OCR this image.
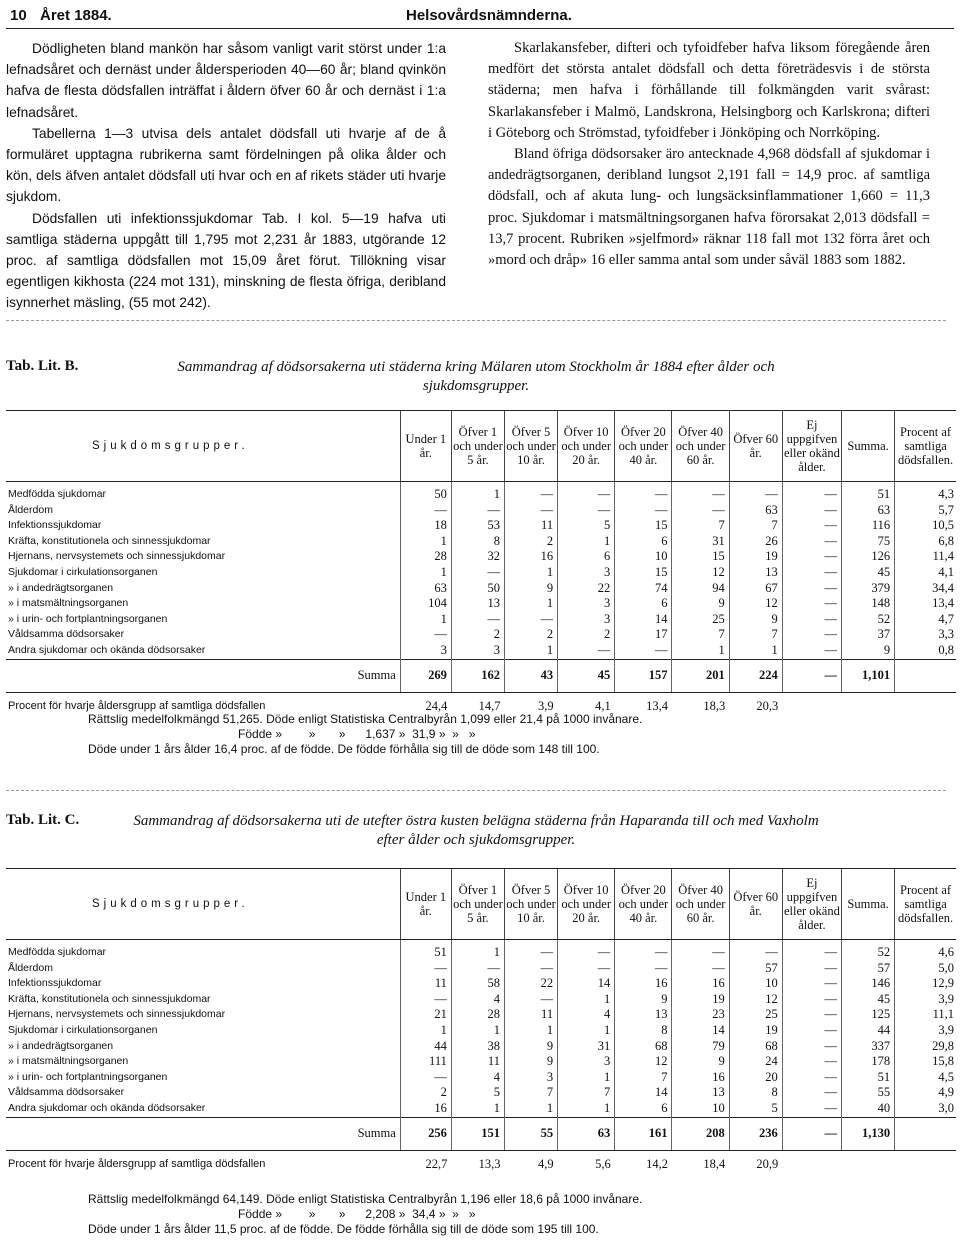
10 Året 1884.	Helsovårdsnämnderna.

Dödligheten bland mankön har såsom vanligt varit störst under 1:a lefnadsåret och dernäst under åldersperioden 40—60 år; bland qvinkön hafva de flesta dödsfallen inträffat i åldern öfver 60 år och dernäst i 1:a lefnadsåret.

Tabellerna 1—3 utvisa dels antalet dödsfall uti hvarje af de å formuläret upptagna rubrikerna samt fördelningen på olika ålder och kön, dels äfven antalet dödsfall uti hvar och en af rikets städer uti hvarje sjukdom.

Dödsfallen uti infektionssjukdomar Tab. I kol. 5—19 hafva uti samtliga städerna uppgått till 1,795 mot 2,231 år 1883, utgörande 12 proc. af samtliga dödsfallen mot 15,09 året förut. Tillökning visar egentligen kikhosta (224 mot 131), minskning de flesta öfriga, deribland isynnerhet mäsling, (55 mot 242).

Skarlakansfeber, difteri och tyfoidfeber hafva liksom föregående åren medfört det största antalet dödsfall och detta företrädesvis i de största städerna; men hafva i förhållande till folkmängden varit svårast: Skarlakansfeber i Malmö, Landskrona, Helsingborg och Karlskrona; difteri i Göteborg och Strömstad, tyfoidfeber i Jönköping och Norrköping.

Bland öfriga dödsorsaker äro antecknade 4,968 dödsfall af sjukdomar i andedrägtsorganen, deribland lungsot 2,191 fall = 14,9 proc. af samtliga dödsfall, och af akuta lung- och lungsäcksinflammationer 1,660 = 11,3 proc. Sjukdomar i matsmältningsorganen hafva förorsakat 2,013 dödsfall = 13,7 procent. Rubriken »sjelfmord» räknar 118 fall mot 132 förra året och »mord och dråp» 16 eller samma antal som under såväl 1883 som 1882.

Tab. Lit. B.	Sammandrag af dödsorsakerna uti städerna kring Mälaren utom Stockholm år 1884 efter ålder och sjukdomsgrupper.
Sjukdomsgrupper.	Under 1 år.	Öfver 1 och under 5 år.	Öfver 5 och under 10 år.	Öfver 10 och under 20 år.	Öfver 20 och under 40 år.	Öfver 40 och under 60 år.	Öfver 60 år.	Ej uppgifven eller okänd ålder.	Summa.	Procent af samtliga dödsfallen.
Medfödda sjukdomar	50	1	—	—	—	—	—	—	51	4,3
Ålderdom	—	—	—	—	—	—	63	—	63	5,7
Infektionssjukdomar	18	53	11	5	15	7	7	—	116	10,5
Kräfta, konstitutionela och sinnessjukdomar	1	8	2	1	6	31	26	—	75	6,8
Hjernans, nervsystemets och sinnessjukdomar	28	32	16	6	10	15	19	—	126	11,4
Sjukdomar i cirkulationsorganen	1	—	1	3	15	12	13	—	45	4,1
» i andedrägtsorganen	63	50	9	22	74	94	67	—	379	34,4
» i matsmältningsorganen	104	13	1	3	6	9	12	—	148	13,4
» i urin- och fortplantningsorganen	1	—	—	3	14	25	9	—	52	4,7
Våldsamma dödsorsaker	—	2	2	2	17	7	7	—	37	3,3
Andra sjukdomar och okända dödsorsaker	3	3	1	—	—	1	1	—	9	0,8
Summa	269	162	43	45	157	201	224	—	1,101	
Procent för hvarje åldersgrupp af samtliga dödsfallen	24,4	14,7	3,9	4,1	13,4	18,3	20,3			
Rättslig medelfolkmängd 51,265. Döde enligt Statistiska Centralbyrån 1,099 eller 21,4 på 1000 invånare.
Födde »        »       »      1,637 »  31,9 »  »   »
Döde under 1 års ålder 16,4 proc. af de födde. De födde förhålla sig till de döde som 148 till 100.
Tab. Lit. C.	Sammandrag af dödsorsakerna uti de utefter östra kusten belägna städerna från Haparanda till och med Vaxholm efter ålder och sjukdomsgrupper.
Sjukdomsgrupper.	Under 1 år.	Öfver 1 och under 5 år.	Öfver 5 och under 10 år.	Öfver 10 och under 20 år.	Öfver 20 och under 40 år.	Öfver 40 och under 60 år.	Öfver 60 år.	Ej uppgifven eller okänd ålder.	Summa.	Procent af samtliga dödsfallen.
Medfödda sjukdomar	51	1	—	—	—	—	—	—	52	4,6
Ålderdom	—	—	—	—	—	—	57	—	57	5,0
Infektionssjukdomar	11	58	22	14	16	16	10	—	146	12,9
Kräfta, konstitutionela och sinnessjukdomar	—	4	—	1	9	19	12	—	45	3,9
Hjernans, nervsystemets och sinnessjukdomar	21	28	11	4	13	23	25	—	125	11,1
Sjukdomar i cirkulationsorganen	1	1	1	1	8	14	19	—	44	3,9
» i andedrägtsorganen	44	38	9	31	68	79	68	—	337	29,8
» i matsmältningsorganen	111	11	9	3	12	9	24	—	178	15,8
» i urin- och fortplantningsorganen	—	4	3	1	7	16	20	—	51	4,5
Våldsamma dödsorsaker	2	5	7	7	14	13	8	—	55	4,9
Andra sjukdomar och okända dödsorsaker	16	1	1	1	6	10	5	—	40	3,0
Summa	256	151	55	63	161	208	236	—	1,130	
Procent för hvarje åldersgrupp af samtliga dödsfallen	22,7	13,3	4,9	5,6	14,2	18,4	20,9			
Rättslig medelfolkmängd 64,149. Döde enligt Statistiska Centralbyrån 1,196 eller 18,6 på 1000 invånare.
Födde »        »       »      2,208 »  34,4 »  »   »
Döde under 1 års ålder 11,5 proc. af de födde. De födde förhålla sig till de döde som 195 till 100.
